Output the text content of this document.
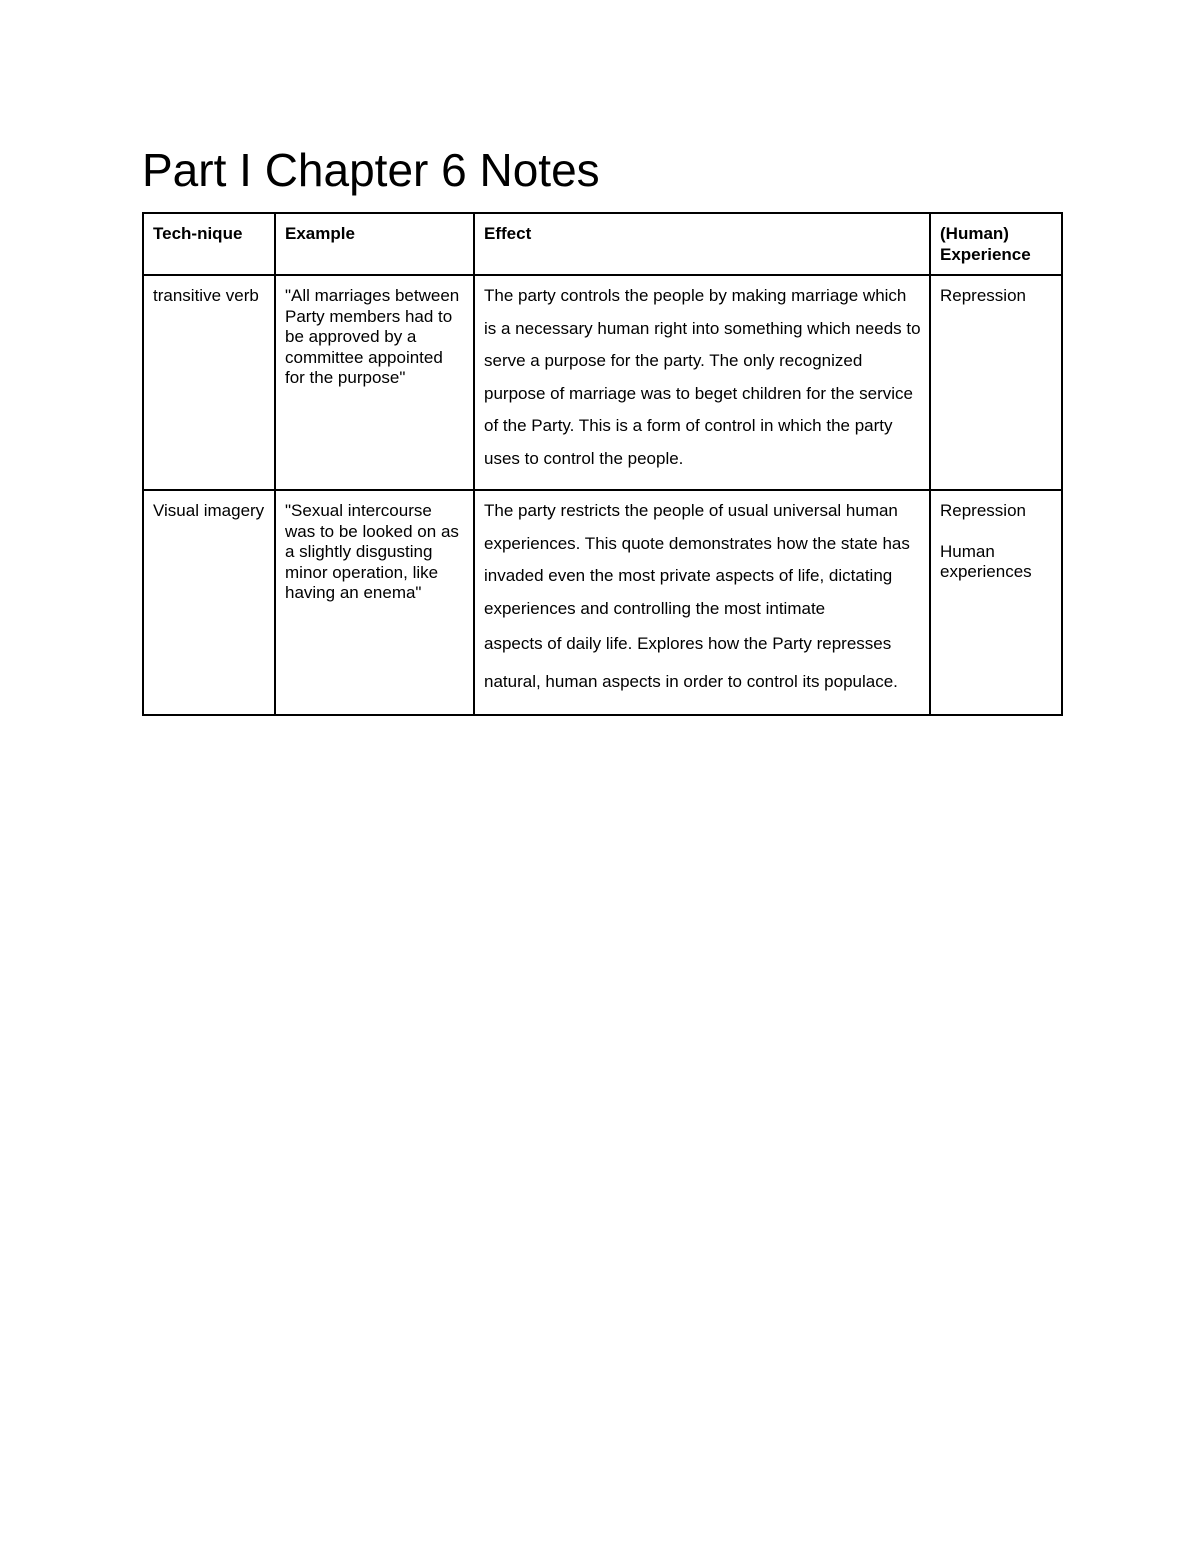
Part I Chapter 6 Notes
Tech-nique	Example	Effect	(Human) Experience
transitive verb	"All marriages between Party members had to be approved by a committee appointed for the purpose"	The party controls the people by making marriage which is a necessary human right into something which needs to serve a purpose for the party. The only recognized purpose of marriage was to beget children for the service of the Party. This is a form of control in which the party uses to control the people.	Repression

Visual imagery	"Sexual intercourse was to be looked on as a slightly disgusting minor operation, like having an enema"	The party restricts the people of usual universal human experiences. This quote demonstrates how the state has invaded even the most private aspects of life, dictating experiences and controlling the most intimate
aspects of daily life. Explores how the Party represses natural, human aspects in order to control its populace.	Repression
Human experiences
